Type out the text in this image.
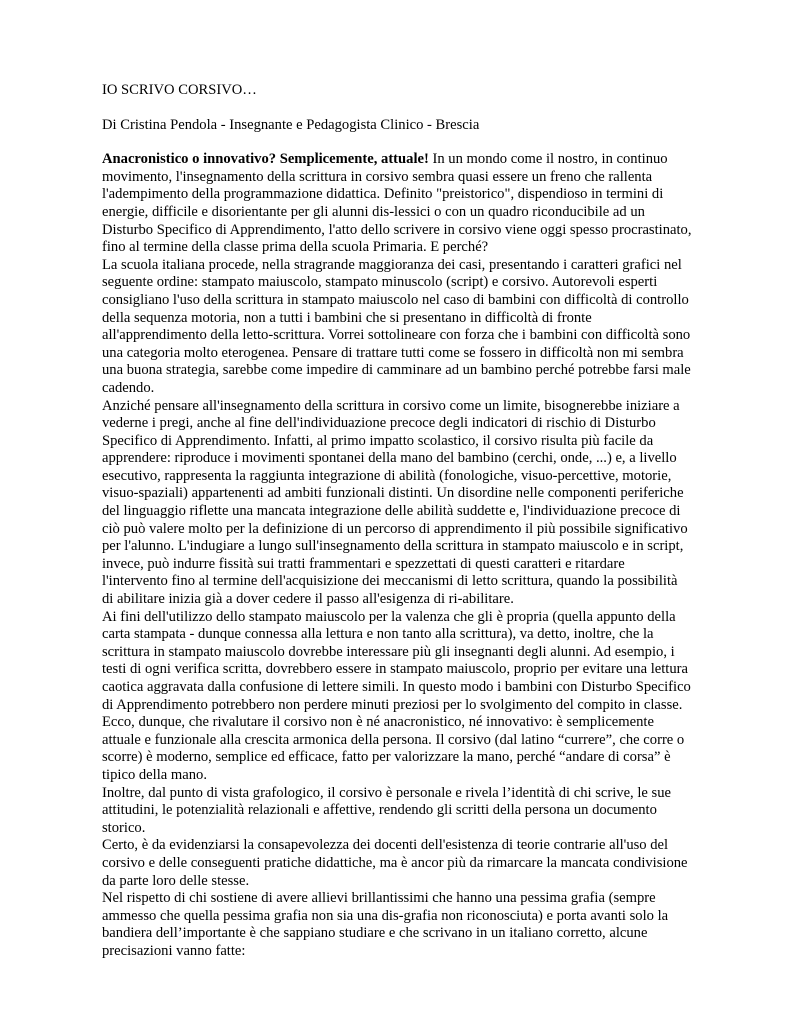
IO SCRIVO CORSIVO…

Di Cristina Pendola - Insegnante e Pedagogista Clinico - Brescia

Anacronistico o innovativo? Semplicemente, attuale! In un mondo come il nostro, in continuo movimento, l'insegnamento della scrittura in corsivo sembra quasi essere un freno che rallenta l'adempimento della programmazione didattica. Definito "preistorico", dispendioso in termini di energie, difficile e disorientante per gli alunni dis-lessici o con un quadro riconducibile ad un Disturbo Specifico di Apprendimento, l'atto dello scrivere in corsivo viene oggi spesso procrastinato, fino al termine della classe prima della scuola Primaria. E perché?

La scuola italiana procede, nella stragrande maggioranza dei casi, presentando i caratteri grafici nel seguente ordine: stampato maiuscolo, stampato minuscolo (script) e corsivo. Autorevoli esperti consigliano l'uso della scrittura in stampato maiuscolo nel caso di bambini con difficoltà di controllo della sequenza motoria, non a tutti i bambini che si presentano in difficoltà di fronte all'apprendimento della letto-scrittura. Vorrei sottolineare con forza che i bambini con difficoltà sono una categoria molto eterogenea. Pensare di trattare tutti come se fossero in difficoltà non mi sembra una buona strategia, sarebbe come impedire di camminare ad un bambino perché potrebbe farsi male cadendo.

Anziché pensare all'insegnamento della scrittura in corsivo come un limite, bisognerebbe iniziare a vederne i pregi, anche al fine dell'individuazione precoce degli indicatori di rischio di Disturbo Specifico di Apprendimento. Infatti, al primo impatto scolastico, il corsivo risulta più facile da apprendere: riproduce i movimenti spontanei della mano del bambino (cerchi, onde, ...) e, a livello esecutivo, rappresenta la raggiunta integrazione di abilità (fonologiche, visuo-percettive, motorie, visuo-spaziali) appartenenti ad ambiti funzionali distinti. Un disordine nelle componenti periferiche del linguaggio riflette una mancata integrazione delle abilità suddette e, l'individuazione precoce di ciò può valere molto per la definizione di un percorso di apprendimento il più possibile significativo per l'alunno. L'indugiare a lungo sull'insegnamento della scrittura in stampato maiuscolo e in script, invece, può indurre fissità sui tratti frammentari e spezzettati di questi caratteri e ritardare l'intervento fino al termine dell'acquisizione dei meccanismi di letto scrittura, quando la possibilità di abilitare inizia già a dover cedere il passo all'esigenza di ri-abilitare.

Ai fini dell'utilizzo dello stampato maiuscolo per la valenza che gli è propria (quella appunto della carta stampata - dunque connessa alla lettura e non tanto alla scrittura), va detto, inoltre, che la scrittura in stampato maiuscolo dovrebbe interessare più gli insegnanti degli alunni. Ad esempio, i testi di ogni verifica scritta, dovrebbero essere in stampato maiuscolo, proprio per evitare una lettura caotica aggravata dalla confusione di lettere simili. In questo modo i bambini con Disturbo Specifico di Apprendimento potrebbero non perdere minuti preziosi per lo svolgimento del compito in classe.

Ecco, dunque, che rivalutare il corsivo non è né anacronistico, né innovativo: è semplicemente attuale e funzionale alla crescita armonica della persona. Il corsivo (dal latino “currere”, che corre o scorre) è moderno, semplice ed efficace, fatto per valorizzare la mano, perché “andare di corsa” è tipico della mano.

Inoltre, dal punto di vista grafologico, il corsivo è personale e rivela l’identità di chi scrive, le sue attitudini, le potenzialità relazionali e affettive, rendendo gli scritti della persona un documento storico.

Certo, è da evidenziarsi la consapevolezza dei docenti dell'esistenza di teorie contrarie all'uso del corsivo e delle conseguenti pratiche didattiche, ma è ancor più da rimarcare la mancata condivisione da parte loro delle stesse.

Nel rispetto di chi sostiene di avere allievi brillantissimi che hanno una pessima grafia (sempre ammesso che quella pessima grafia non sia una dis-grafia non riconosciuta) e porta avanti solo la bandiera dell’importante è che sappiano studiare e che scrivano in un italiano corretto, alcune precisazioni vanno fatte:
